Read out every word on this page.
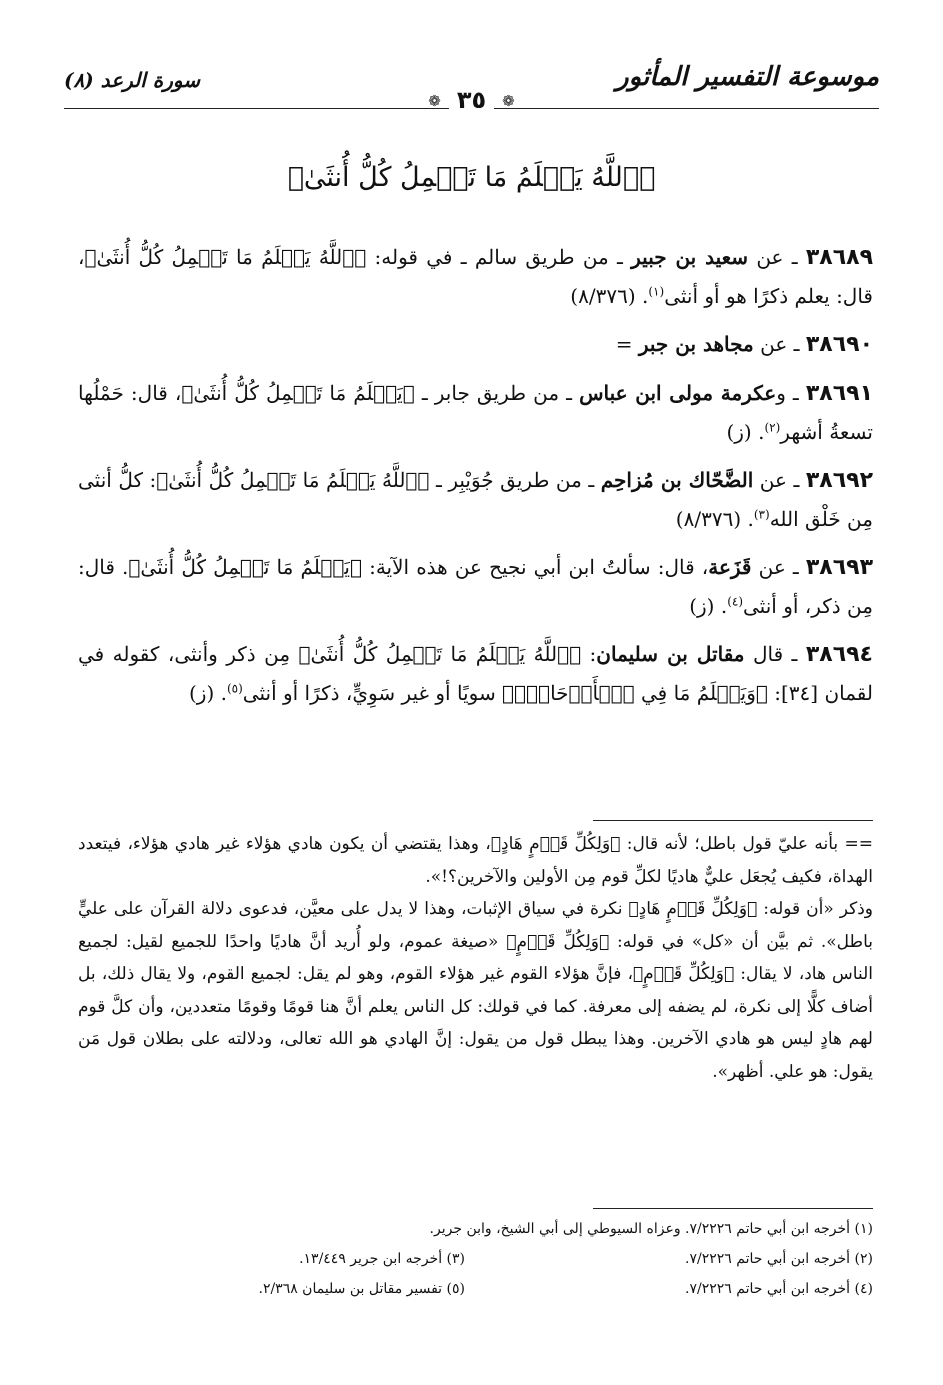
موسوعة التفسير المأثور
سورة الرعد (٨)
❁٣٥❁
﴿ٱللَّهُ يَعۡلَمُ مَا تَحۡمِلُ كُلُّ أُنثَىٰ﴾
٣٨٦٨٩ ـ عن سعيد بن جبير ـ من طريق سالم ـ في قوله: ﴿ٱللَّهُ يَعۡلَمُ مَا تَحۡمِلُ كُلُّ أُنثَىٰ﴾، قال: يعلم ذكرًا هو أو أنثى$^{(١)}$. (٨/٣٧٦)
٣٨٦٩٠ ـ عن مجاهد بن جبر =
٣٨٦٩١ ـ وعكرمة مولى ابن عباس ـ من طريق جابر ـ ﴿يَعۡلَمُ مَا تَحۡمِلُ كُلُّ أُنثَىٰ﴾، قال: حَمْلُها تسعةُ أشهر$^{(٢)}$. (ز)
٣٨٦٩٢ ـ عن الضَّحّاك بن مُزاحِم ـ من طريق جُوَيْبِر ـ ﴿ٱللَّهُ يَعۡلَمُ مَا تَحۡمِلُ كُلُّ أُنثَىٰ﴾: كلُّ أنثى مِن خَلْق الله$^{(٣)}$. (٨/٣٧٦)
٣٨٦٩٣ ـ عن قَزَعة، قال: سألتُ ابن أبي نجيح عن هذه الآية: ﴿يَعۡلَمُ مَا تَحۡمِلُ كُلُّ أُنثَىٰ﴾. قال: مِن ذكر، أو أنثى$^{(٤)}$. (ز)
٣٨٦٩٤ ـ قال مقاتل بن سليمان: ﴿ٱللَّهُ يَعۡلَمُ مَا تَحۡمِلُ كُلُّ أُنثَىٰ﴾ مِن ذكر وأنثى، كقوله في لقمان [٣٤]: ﴿وَيَعۡلَمُ مَا فِي ٱلۡأَرۡحَامِۖ﴾ سويًا أو غير سَوِيٍّ، ذكرًا أو أنثى$^{(٥)}$. (ز)
== بأنه عليّ قول باطل؛ لأنه قال: ﴿وَلِكُلِّ قَوۡمٍ هَادٍ﴾، وهذا يقتضي أن يكون هادي هؤلاء غير هادي هؤلاء، فيتعدد الهداة، فكيف يُجعَل عليٌّ هاديًا لكلِّ قوم مِن الأولين والآخرين؟!».
وذكر «أن قوله: ﴿وَلِكُلِّ قَوۡمٍ هَادٍ﴾ نكرة في سياق الإثبات، وهذا لا يدل على معيَّن، فدعوى دلالة القرآن على عليٍّ باطل». ثم بيَّن أن «كل» في قوله: ﴿وَلِكُلِّ قَوۡمٍ﴾ «صيغة عموم، ولو أُريد أنَّ هاديًا واحدًا للجميع لقيل: لجميع الناس هاد، لا يقال: ﴿وَلِكُلِّ قَوۡمٍ﴾، فإنَّ هؤلاء القوم غير هؤلاء القوم، وهو لم يقل: لجميع القوم، ولا يقال ذلك، بل أضاف كلًّا إلى نكرة، لم يضفه إلى معرفة. كما في قولك: كل الناس يعلم أنَّ هنا قومًا وقومًا متعددين، وأن كلَّ قوم لهم هادٍ ليس هو هادي الآخرين. وهذا يبطل قول من يقول: إنَّ الهادي هو الله تعالى، ودلالته على بطلان قول مَن يقول: هو علي. أظهر».
(١) أخرجه ابن أبي حاتم ٧/٢٢٢٦. وعزاه السيوطي إلى أبي الشيخ، وابن جرير.
(٢) أخرجه ابن أبي حاتم ٧/٢٢٢٦.
(٣) أخرجه ابن جرير ١٣/٤٤٩.
(٤) أخرجه ابن أبي حاتم ٧/٢٢٢٦.
(٥) تفسير مقاتل بن سليمان ٢/٣٦٨.
